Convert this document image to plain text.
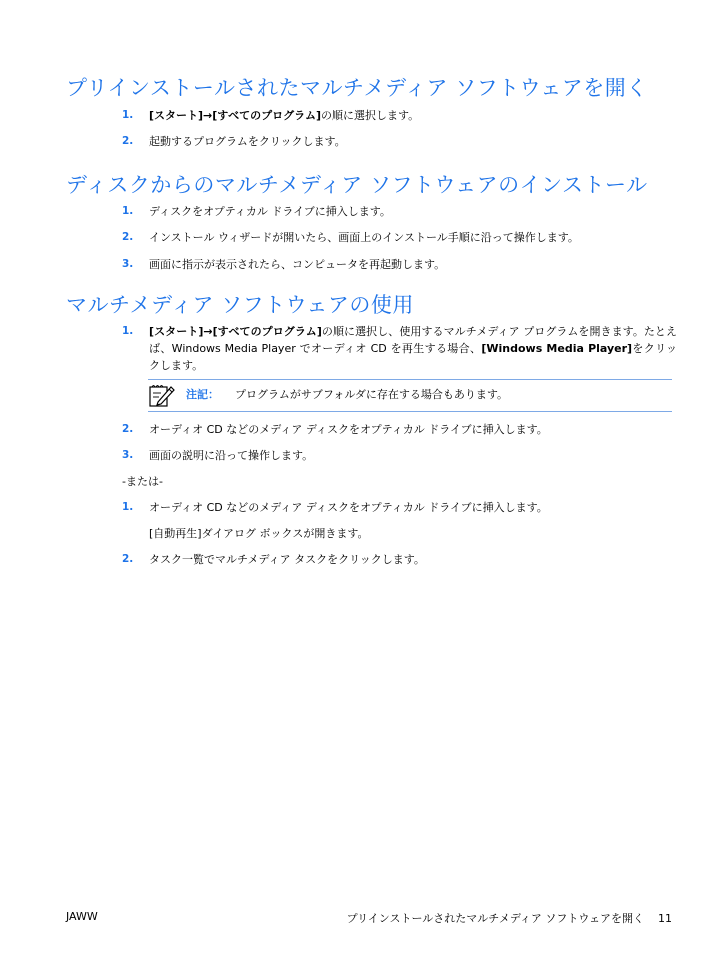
プリインストールされたマルチメディア ソフトウェアを開く
1. [スタート]→[すべてのプログラム]の順に選択します。
2. 起動するプログラムをクリックします。
ディスクからのマルチメディア ソフトウェアのインストール
1. ディスクをオプティカル ドライブに挿入します。
2. インストール ウィザードが開いたら、画面上のインストール手順に沿って操作します。
3. 画面に指示が表示されたら、コンピュータを再起動します。
マルチメディア ソフトウェアの使用
1. [スタート]→[すべてのプログラム]の順に選択し、使用するマルチメディア プログラムを開きます。たとえば、Windows Media Player でオーディオ CD を再生する場合、[Windows Media Player]をクリックします。
注記： プログラムがサブフォルダに存在する場合もあります。
2. オーディオ CD などのメディア ディスクをオプティカル ドライブに挿入します。
3. 画面の説明に沿って操作します。
-または-
1. オーディオ CD などのメディア ディスクをオプティカル ドライブに挿入します。
[自動再生]ダイアログ ボックスが開きます。
2. タスク一覧でマルチメディア タスクをクリックします。
JAWW	プリインストールされたマルチメディア ソフトウェアを開く 11
